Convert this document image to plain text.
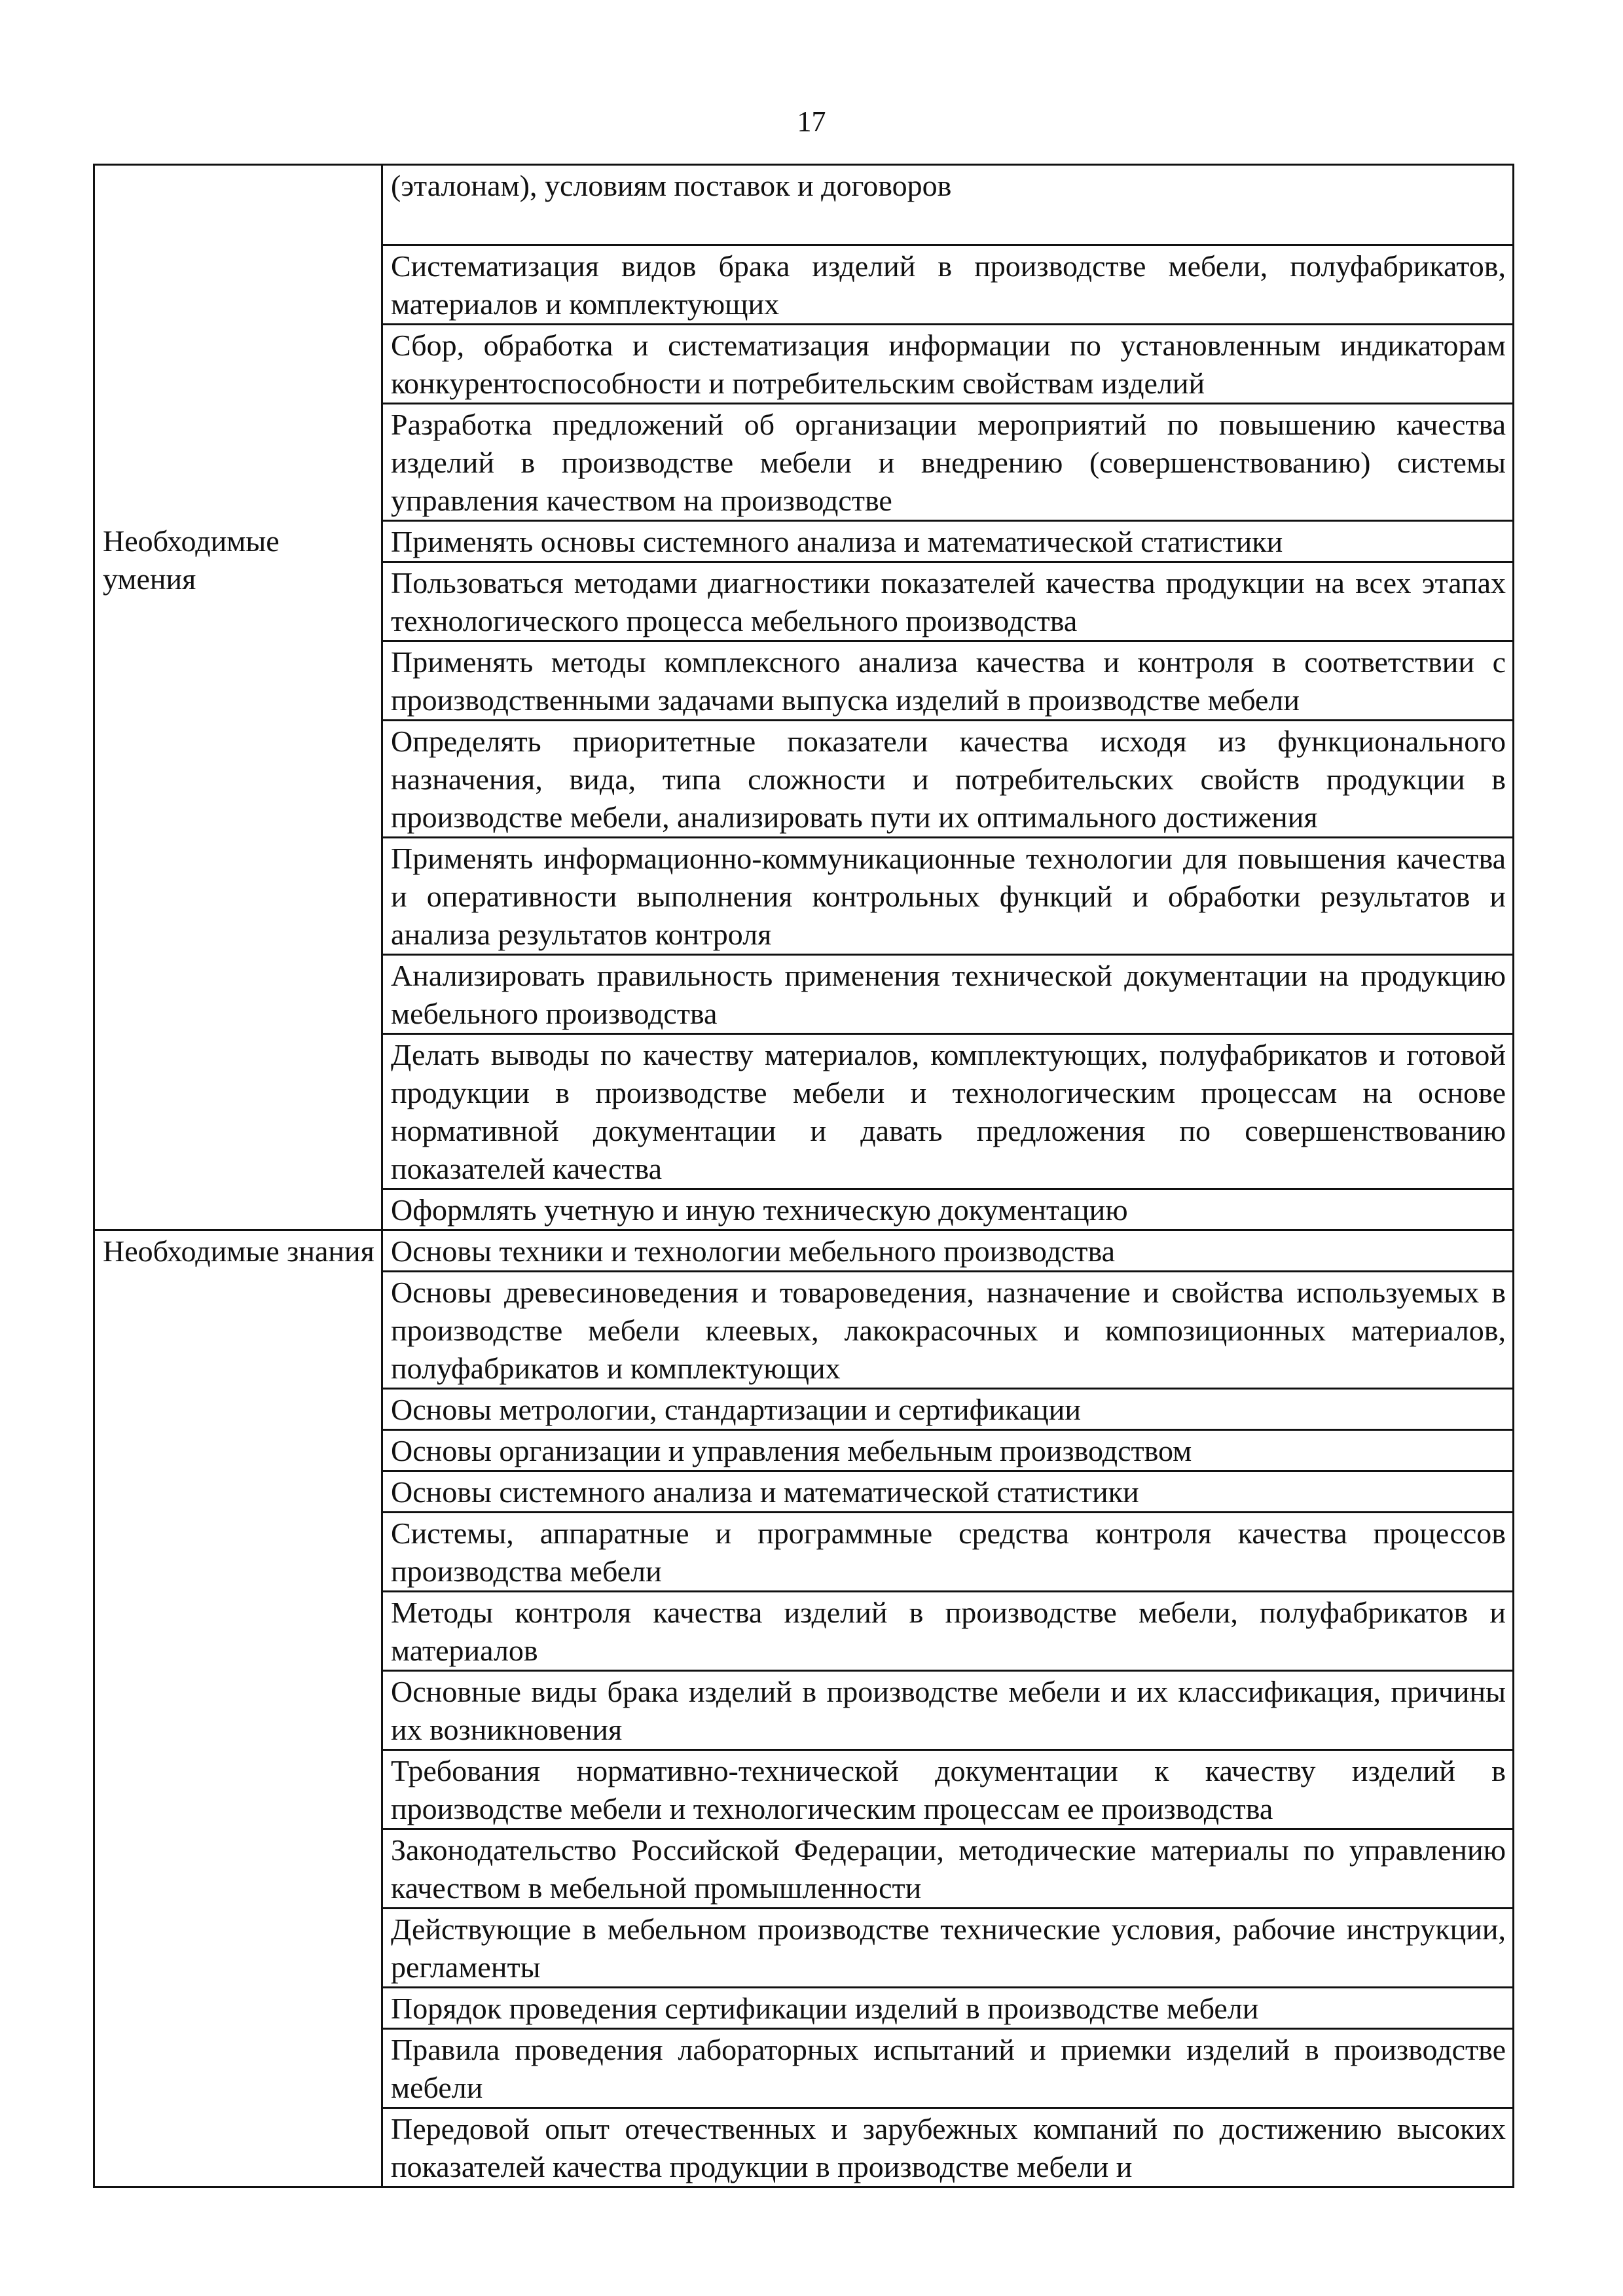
17
	(эталонам), условиям поставок и договоров
	Систематизация видов брака изделий в производстве мебели, полуфабрикатов, материалов и комплектующих
	Сбор, обработка и систематизация информации по установленным индикаторам конкурентоспособности и потребительским свойствам изделий
	Разработка предложений об организации мероприятий по повышению качества изделий в производстве мебели и внедрению (совершенствованию) системы управления качеством на производстве
Необходимые умения	Применять основы системного анализа и математической статистики
	Пользоваться методами диагностики показателей качества продукции на всех этапах технологического процесса мебельного производства
	Применять методы комплексного анализа качества и контроля в соответствии с производственными задачами выпуска изделий в производстве мебели
	Определять приоритетные показатели качества исходя из функционального назначения, вида, типа сложности и потребительских свойств продукции в производстве мебели, анализировать пути их оптимального достижения
	Применять информационно-коммуникационные технологии для повышения качества и оперативности выполнения контрольных функций и обработки результатов и анализа результатов контроля
	Анализировать правильность применения технической документации на продукцию мебельного производства
	Делать выводы по качеству материалов, комплектующих, полуфабрикатов и готовой продукции в производстве мебели и технологическим процессам на основе нормативной документации и давать предложения по совершенствованию показателей качества
	Оформлять учетную и иную техническую документацию
Необходимые знания	Основы техники и технологии мебельного производства
	Основы древесиноведения и товароведения, назначение и свойства используемых в производстве мебели клеевых, лакокрасочных и композиционных материалов, полуфабрикатов и комплектующих
	Основы метрологии, стандартизации и сертификации
	Основы организации и управления мебельным производством
	Основы системного анализа и математической статистики
	Системы, аппаратные и программные средства контроля качества процессов производства мебели
	Методы контроля качества изделий в производстве мебели, полуфабрикатов и материалов
	Основные виды брака изделий в производстве мебели и их классификация, причины их возникновения
	Требования нормативно-технической документации к качеству изделий в производстве мебели и технологическим процессам ее производства
	Законодательство Российской Федерации, методические материалы по управлению качеством в мебельной промышленности
	Действующие в мебельном производстве технические условия, рабочие инструкции, регламенты
	Порядок проведения сертификации изделий в производстве мебели
	Правила проведения лабораторных испытаний и приемки изделий в производстве мебели
	Передовой опыт отечественных и зарубежных компаний по достижению высоких показателей качества продукции в производстве мебели и
